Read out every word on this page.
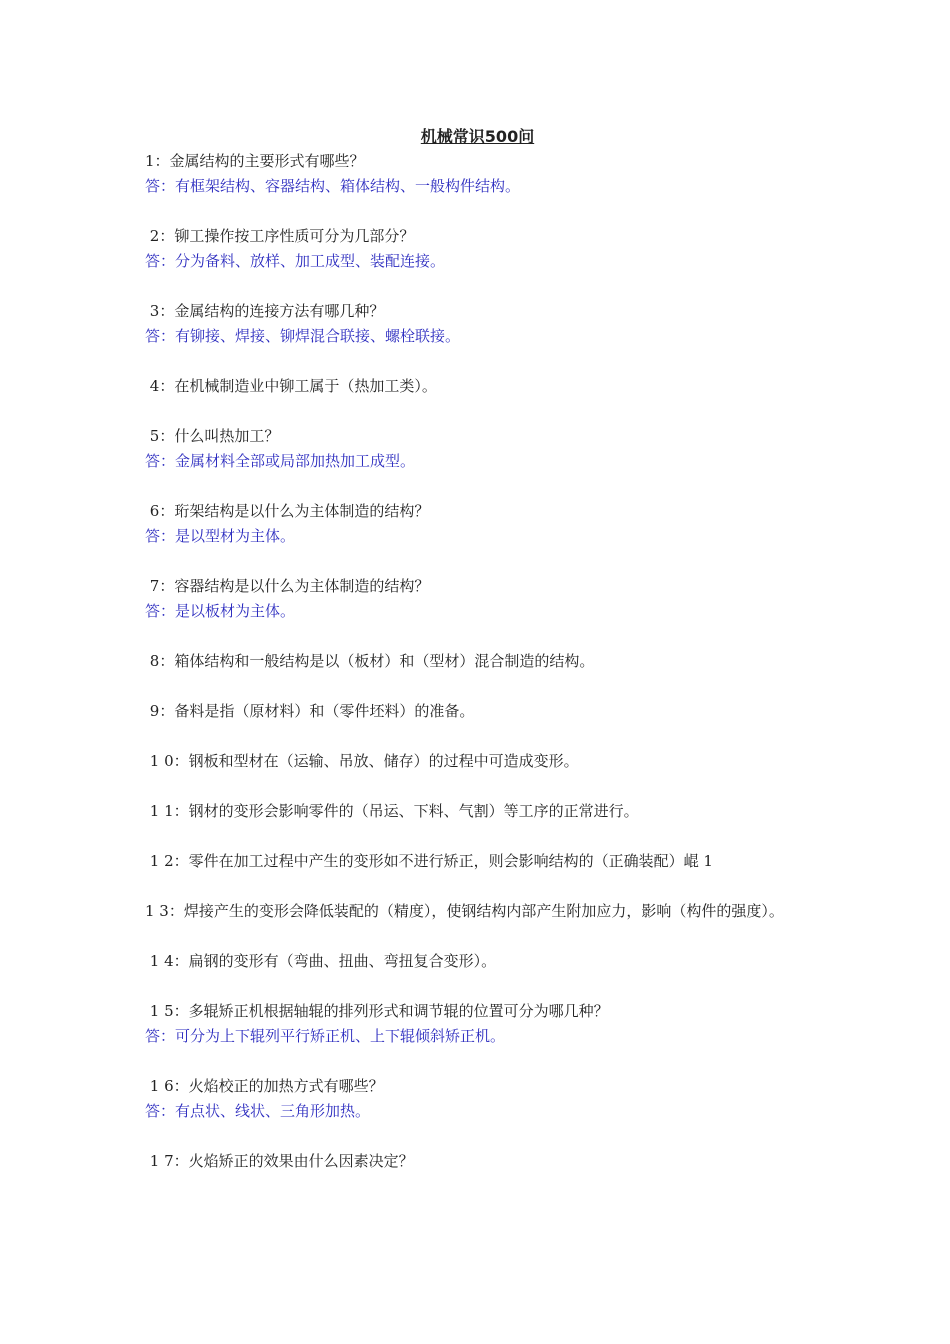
机械常识500问
1：金属结构的主要形式有哪些？
答：有框架结构、容器结构、箱体结构、一般构件结构。
2：铆工操作按工序性质可分为几部分？
答：分为备料、放样、加工成型、装配连接。
3：金属结构的连接方法有哪几种？
答：有铆接、焊接、铆焊混合联接、螺栓联接。
4：在机械制造业中铆工属于（热加工类）。
5：什么叫热加工？
答：金属材料全部或局部加热加工成型。
6：珩架结构是以什么为主体制造的结构？
答：是以型材为主体。
7：容器结构是以什么为主体制造的结构？
答：是以板材为主体。
8：箱体结构和一般结构是以（板材）和（型材）混合制造的结构。
9：备料是指（原材料）和（零件坯料）的准备。
1 0：钢板和型材在（运输、吊放、储存）的过程中可造成变形。
1 1：钢材的变形会影响零件的（吊运、下料、气割）等工序的正常进行。
1 2：零件在加工过程中产生的变形如不进行矫正，则会影响结构的（正确装配）崐 1
1 3：焊接产生的变形会降低装配的（精度），使钢结构内部产生附加应力，影响（构件的强度）。
1 4：扁钢的变形有（弯曲、扭曲、弯扭复合变形）。
1 5：多辊矫正机根据轴辊的排列形式和调节辊的位置可分为哪几种？
答：可分为上下辊列平行矫正机、上下辊倾斜矫正机。
1 6：火焰校正的加热方式有哪些？
答：有点状、线状、三角形加热。
1 7：火焰矫正的效果由什么因素决定？
